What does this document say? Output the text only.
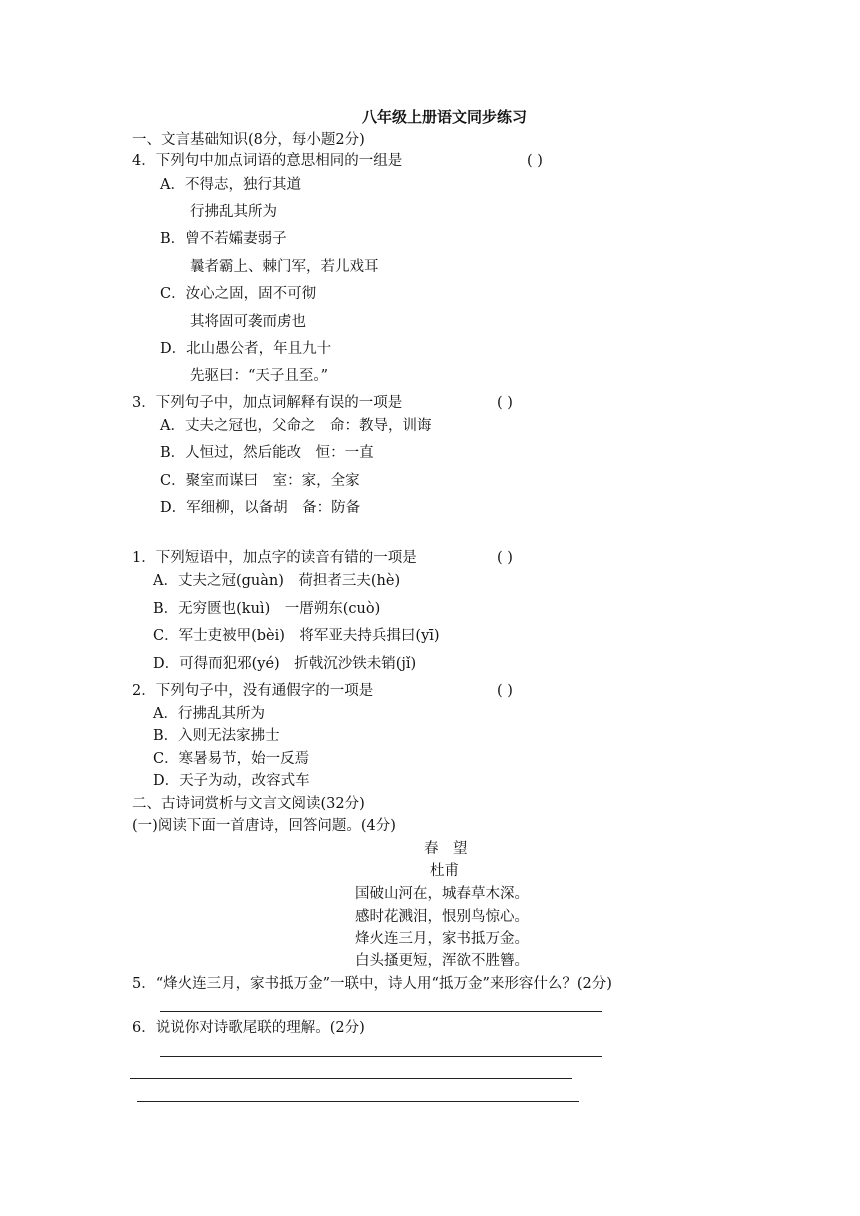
八年级上册语文同步练习
一、文言基础知识(8分，每小题2分)
4．下列句中加点词语的意思相同的一组是	( )
A．不得志，独行其道
行拂乱其所为
B．曾不若孀妻弱子
曩者霸上、棘门军，若儿戏耳
C．汝心之固，固不可彻
其将固可袭而虏也
D．北山愚公者，年且九十
先驱曰：“天子且至。”
3．下列句子中，加点词解释有误的一项是	( )
A．丈夫之冠也，父命之　命：教导，训诲
B．人恒过，然后能改　恒：一直
C．聚室而谋曰　室：家，全家
D．军细柳，以备胡　备：防备
1．下列短语中，加点字的读音有错的一项是	( )
A．丈夫之冠(guàn)　荷担者三夫(hè)
B．无穷匮也(kuì)　一厝朔东(cuò)
C．军士吏被甲(bèi)　将军亚夫持兵揖曰(yī)
D．可得而犯邪(yé)　折戟沉沙铁未销(jǐ)
2．下列句子中，没有通假字的一项是	( )
A．行拂乱其所为
B．入则无法家拂士
C．寒暑易节，始一反焉
D．天子为动，改容式车
二、古诗词赏析与文言文阅读(32分)
(一)阅读下面一首唐诗，回答问题。(4分)
春　望
杜甫
国破山河在，城春草木深。
感时花溅泪，恨别鸟惊心。
烽火连三月，家书抵万金。
白头搔更短，浑欲不胜簪。
5．“烽火连三月，家书抵万金”一联中，诗人用“抵万金”来形容什么？(2分)
6．说说你对诗歌尾联的理解。(2分)
